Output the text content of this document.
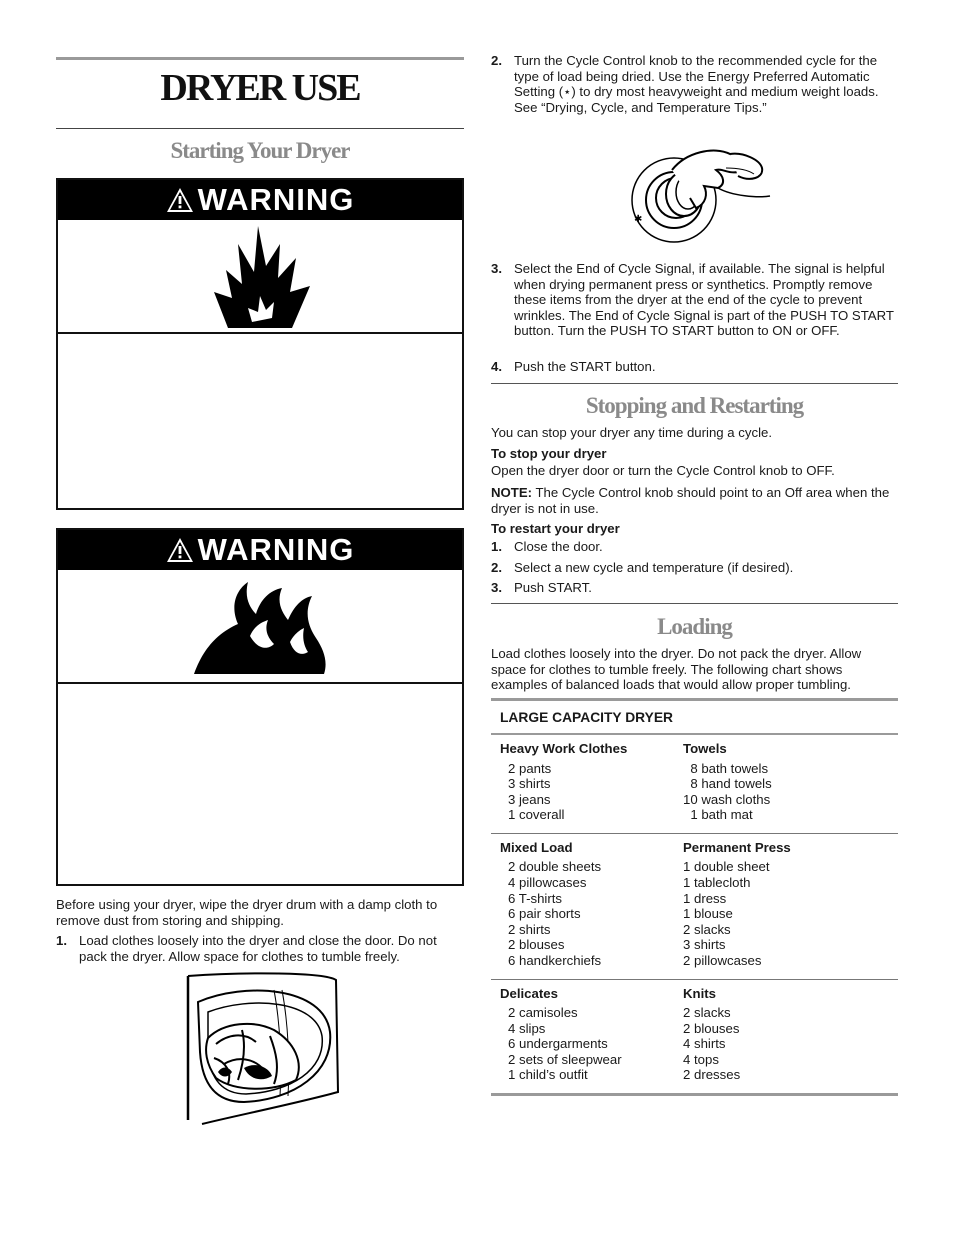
DRYER USE
Starting Your Dryer
WARNING
WARNING

Before using your dryer, wipe the dryer drum with a damp cloth to remove dust from storing and shipping.

1. Load clothes loosely into the dryer and close the door. Do not pack the dryer. Allow space for clothes to tumble freely.
2. Turn the Cycle Control knob to the recommended cycle for the type of load being dried. Use the Energy Preferred Automatic Setting (⋆) to dry most heavyweight and medium weight loads. See “Drying, Cycle, and Temperature Tips.”
✱
3. Select the End of Cycle Signal, if available. The signal is helpful when drying permanent press or synthetics. Promptly remove these items from the dryer at the end of the cycle to prevent wrinkles. The End of Cycle Signal is part of the PUSH TO START button. Turn the PUSH TO START button to ON or OFF.
4. Push the START button.
Stopping and Restarting

You can stop your dryer any time during a cycle.

To stop your dryer

Open the dryer door or turn the Cycle Control knob to OFF.

NOTE: The Cycle Control knob should point to an Off area when the dryer is not in use.

To restart your dryer

1. Close the door.
2. Select a new cycle and temperature (if desired).
3. Push START.
Loading

Load clothes loosely into the dryer. Do not pack the dryer. Allow space for clothes to tumble freely. The following chart shows examples of balanced loads that would allow proper tumbling.

LARGE CAPACITY DRYER
Heavy Work Clothes
2 pants
3 shirts
3 jeans
1 coverall
Towels
8 bath towels
8 hand towels
10 wash cloths
1 bath mat
Mixed Load
2 double sheets
4 pillowcases
6 T-shirts
6 pair shorts
2 shirts
2 blouses
6 handkerchiefs
Permanent Press
1 double sheet
1 tablecloth
1 dress
1 blouse
2 slacks
3 shirts
2 pillowcases
Delicates
2 camisoles
4 slips
6 undergarments
2 sets of sleepwear
1 child’s outfit
Knits
2 slacks
2 blouses
4 shirts
4 tops
2 dresses
